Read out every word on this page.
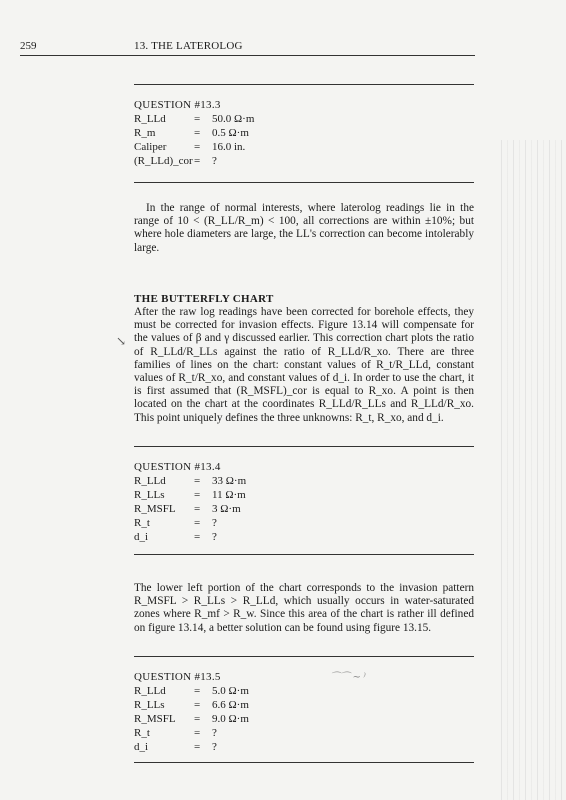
259	13. THE LATEROLOG
QUESTION #13.3
R_LLd	=	50.0 Ω·m
R_m	=	0.5 Ω·m
Caliper	=	16.0 in.
(R_LLd)_cor =	?

In the range of normal interests, where laterolog readings lie in the range of 10 < (R_LL/R_m) < 100, all corrections are within ±10%; but where hole diameters are large, the LL's correction can become intolerably large.

THE BUTTERFLY CHART
↘

After the raw log readings have been corrected for borehole effects, they must be corrected for invasion effects. Figure 13.14 will compensate for the values of β and γ discussed earlier. This correction chart plots the ratio of R_LLd/R_LLs against the ratio of R_LLd/R_xo. There are three families of lines on the chart: constant values of R_t/R_LLd, constant values of R_t/R_xo, and constant values of d_i. In order to use the chart, it is first assumed that (R_MSFL)_cor is equal to R_xo. A point is then located on the chart at the coordinates R_LLd/R_LLs and R_LLd/R_xo. This point uniquely defines the three unknowns: R_t, R_xo, and d_i.

QUESTION #13.4
R_LLd	=	33 Ω·m
R_LLs	=	11 Ω·m
R_MSFL	=	3 Ω·m
R_t	=	?
d_i	=	?

The lower left portion of the chart corresponds to the invasion pattern R_MSFL > R_LLs > R_LLd, which usually occurs in water-saturated zones where R_mf > R_w. Since this area of the chart is rather ill defined on figure 13.14, a better solution can be found using figure 13.15.

⌒⌒ ∼ ⁾
QUESTION #13.5
R_LLd	=	5.0 Ω·m
R_LLs	=	6.6 Ω·m
R_MSFL	=	9.0 Ω·m
R_t	=	?
d_i	=	?
